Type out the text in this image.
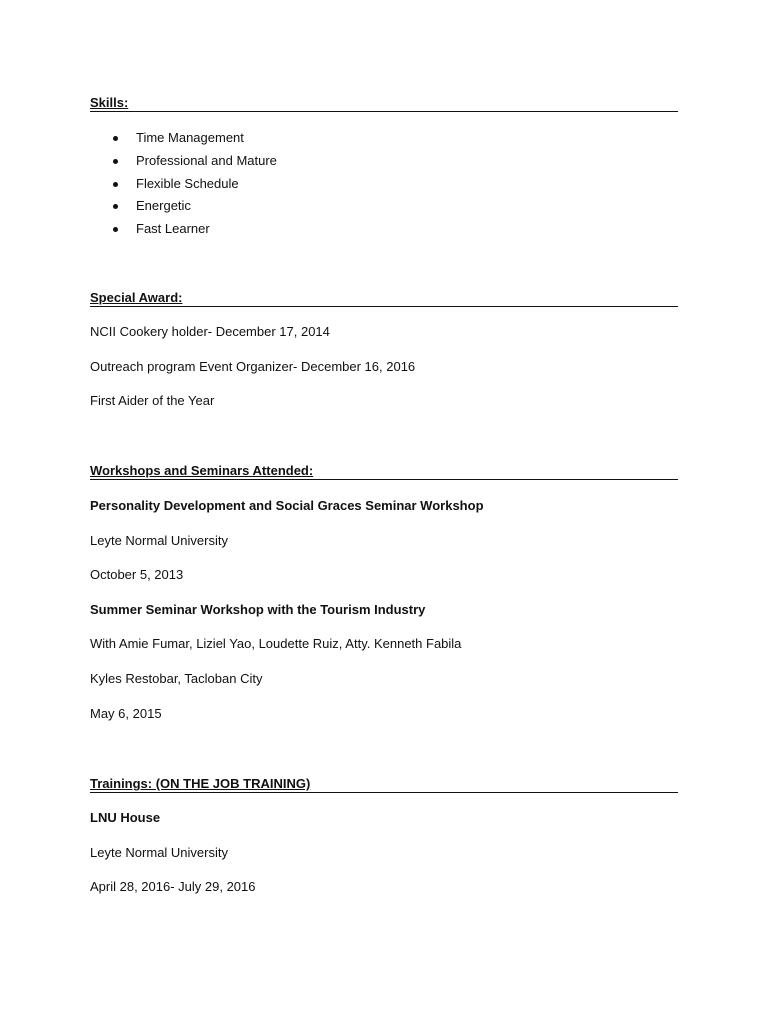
Skills:
Time Management
Professional and Mature
Flexible Schedule
Energetic
Fast Learner
Special Award:
NCII Cookery holder- December 17, 2014
Outreach program Event Organizer- December 16, 2016
First Aider of the Year
Workshops and Seminars Attended:
Personality Development and Social Graces Seminar Workshop
Leyte Normal University
October 5, 2013
Summer Seminar Workshop with the Tourism Industry
With Amie Fumar, Liziel Yao, Loudette Ruiz, Atty. Kenneth Fabila
Kyles Restobar, Tacloban City
May 6, 2015
Trainings: (ON THE JOB TRAINING)
LNU House
Leyte Normal University
April 28, 2016- July 29, 2016
